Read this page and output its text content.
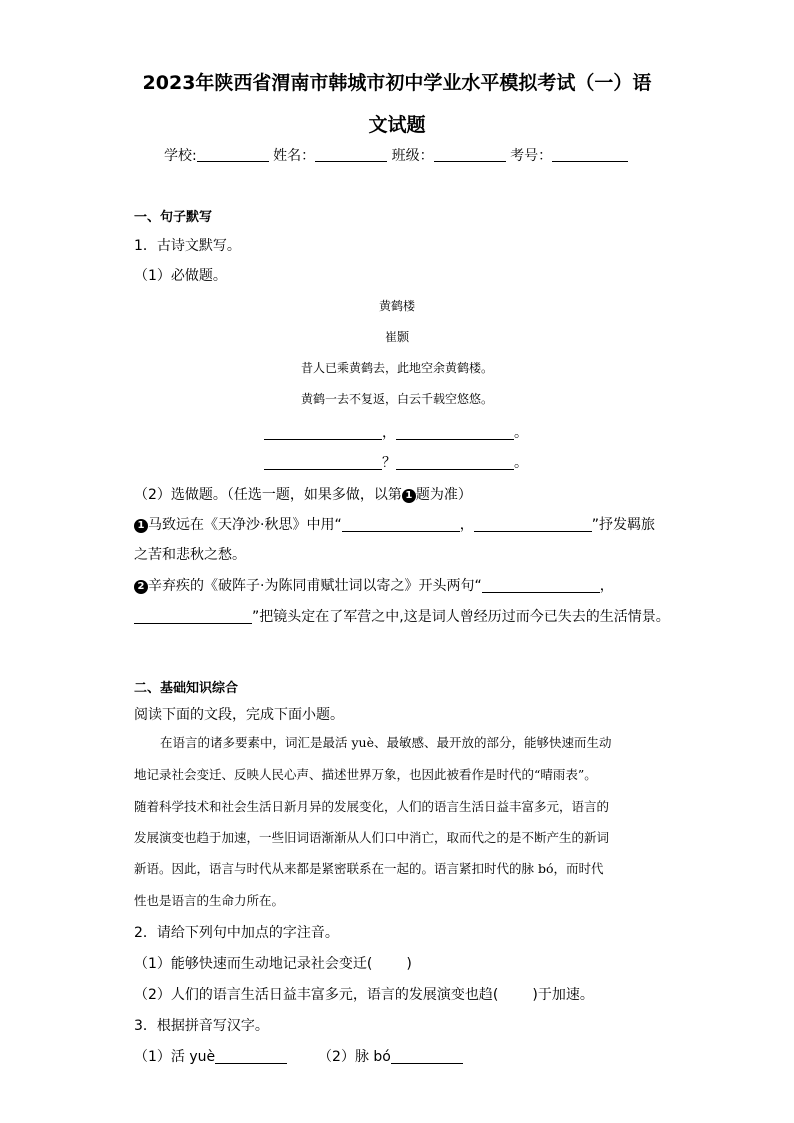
2023年陕西省渭南市韩城市初中学业水平模拟考试（一）语
文试题
学校:	姓名：	班级：	考号：
一、句子默写
1．古诗文默写。
（1）必做题。
黄鹤楼
崔颢
昔人已乘黄鹤去，此地空余黄鹤楼。
黄鹤一去不复返，白云千载空悠悠。
，	。
？	。
（2）选做题。（任选一题，如果多做，以第 1 题为准）
1 马致远在《天净沙·秋思》中用“	，	”抒发羁旅
之苦和悲秋之愁。
2 辛弃疾的《破阵子·为陈同甫赋壮词以寄之》开头两句“	，
”把镜头定在了军营之中,这是词人曾经历过而今已失去的生活情景。
二、基础知识综合
阅读下面的文段，完成下面小题。
在语言的诸多要素中，词汇是最活 yuè、最敏感、最开放的部分，能够快速而生动
地记录社会变迁、反映人民心声、描述世界万象，也因此被看作是时代的“晴雨表”。
随着科学技术和社会生活日新月异的发展变化，人们的语言生活日益丰富多元，语言的
发展演变也趋于加速，一些旧词语渐渐从人们口中消亡，取而代之的是不断产生的新词
新语。因此，语言与时代从来都是紧密联系在一起的。语言紧扣时代的脉 bó，而时代
性也是语言的生命力所在。
2．请给下列句中加点的字注音。
（1）能够快速而生动地记录社会变迁( )
（2）人们的语言生活日益丰富多元，语言的发展演变也趋( )于加速。
3．根据拼音写汉字。
（1）活 yuè	（2）脉 bó
